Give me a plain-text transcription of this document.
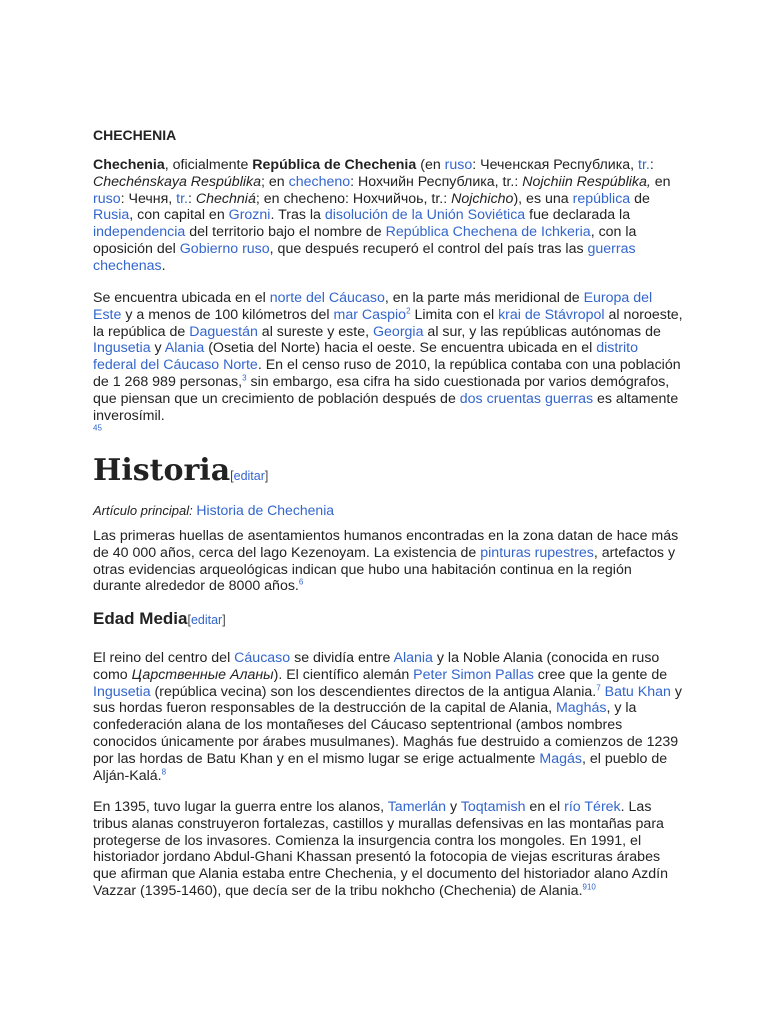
CHECHENIA

Chechenia, oficialmente República de Chechenia (en ruso: Чеченская Республика, tr.: Chechénskaya Respúblika; en checheno: Нохчийн Республика, tr.: Nojchiin Respúblika, en ruso: Чечня, tr.: Chechniá; en checheno: Нохчийчоь, tr.: Nojchicho), es una república de Rusia, con capital en Grozni. Tras la disolución de la Unión Soviética fue declarada la independencia del territorio bajo el nombre de República Chechena de Ichkeria, con la oposición del Gobierno ruso, que después recuperó el control del país tras las guerras chechenas.

Se encuentra ubicada en el norte del Cáucaso, en la parte más meridional de Europa del Este y a menos de 100 kilómetros del mar Caspio$^2$ Limita con el krai de Stávropol al noroeste, la república de Daguestán al sureste y este, Georgia al sur, y las repúblicas autónomas de Ingusetia y Alania (Osetia del Norte) hacia el oeste. Se encuentra ubicada en el distrito federal del Cáucaso Norte. En el censo ruso de 2010, la república contaba con una población de 1 268 989 personas,$^3$ sin embargo, esa cifra ha sido cuestionada por varios demógrafos, que piensan que un crecimiento de población después de dos cruentas guerras es altamente inverosímil.
$^{45}$

Historia[editar]
Artículo principal: Historia de Chechenia

Las primeras huellas de asentamientos humanos encontradas en la zona datan de hace más de 40 000 años, cerca del lago Kezenoyam. La existencia de pinturas rupestres, artefactos y otras evidencias arqueológicas indican que hubo una habitación continua en la región durante alrededor de 8000 años.$^6$

Edad Media[editar]

El reino del centro del Cáucaso se dividía entre Alania y la Noble Alania (conocida en ruso como Царственные Аланы). El científico alemán Peter Simon Pallas cree que la gente de Ingusetia (república vecina) son los descendientes directos de la antigua Alania.$^7$ Batu Khan y sus hordas fueron responsables de la destrucción de la capital de Alania, Maghás, y la confederación alana de los montañeses del Cáucaso septentrional (ambos nombres conocidos únicamente por árabes musulmanes). Maghás fue destruido a comienzos de 1239 por las hordas de Batu Khan y en el mismo lugar se erige actualmente Magás, el pueblo de Alján-Kalá.$^8$

En 1395, tuvo lugar la guerra entre los alanos, Tamerlán y Toqtamish en el río Térek. Las tribus alanas construyeron fortalezas, castillos y murallas defensivas en las montañas para protegerse de los invasores. Comienza la insurgencia contra los mongoles. En 1991, el historiador jordano Abdul-Ghani Khassan presentó la fotocopia de viejas escrituras árabes que afirman que Alania estaba entre Chechenia, y el documento del historiador alano Azdín Vazzar (1395-1460), que decía ser de la tribu nokhcho (Chechenia) de Alania.$^{910}$
